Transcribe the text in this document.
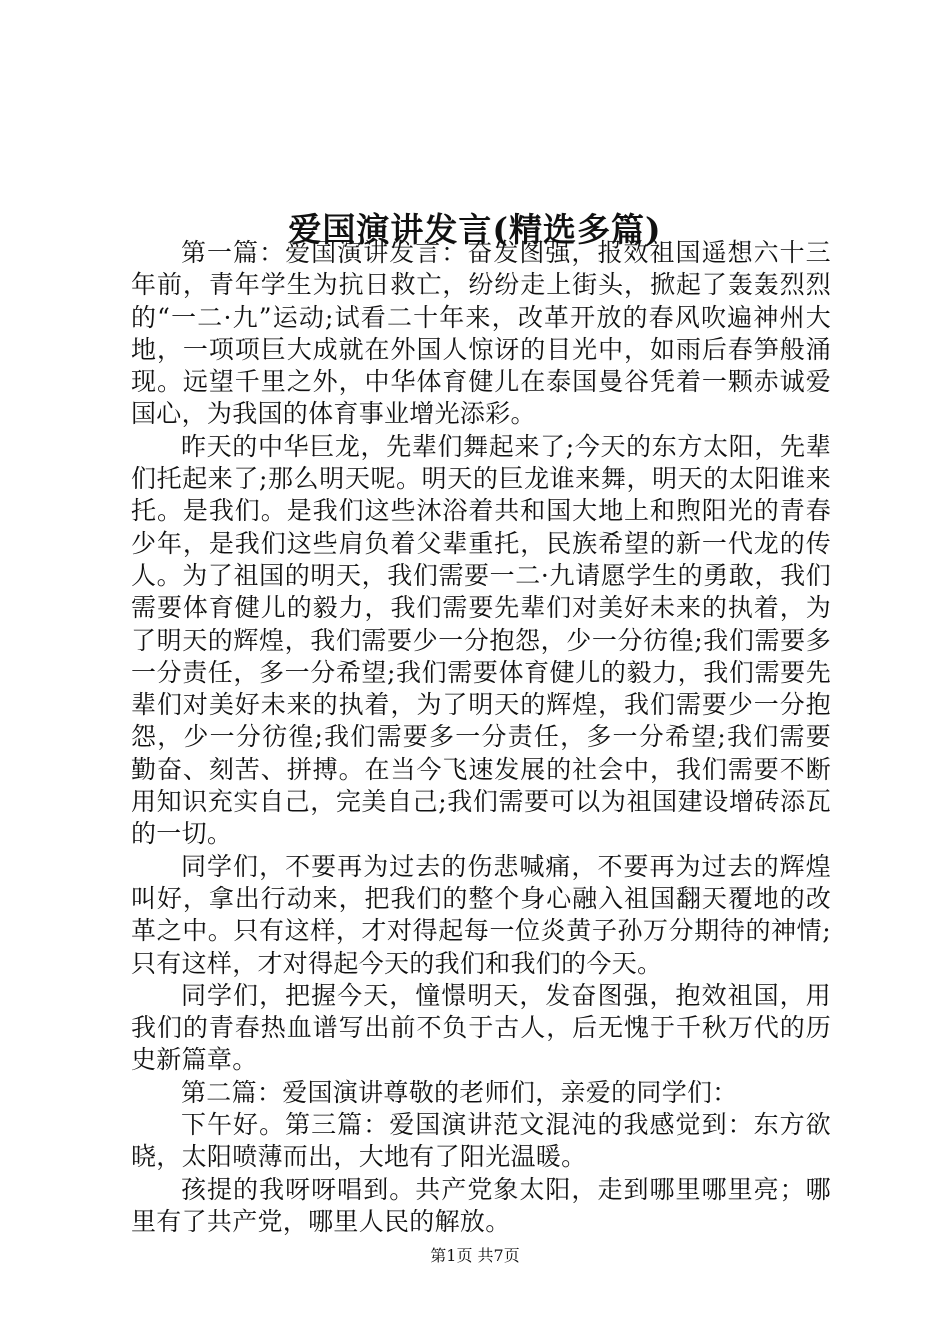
爱国演讲发言(精选多篇)

第一篇：爱国演讲发言：奋发图强，报效祖国遥想六十三年前，青年学生为抗日救亡，纷纷走上街头，掀起了轰轰烈烈的“一二·九”运动;试看二十年来，改革开放的春风吹遍神州大地，一项项巨大成就在外国人惊讶的目光中，如雨后春笋般涌现。远望千里之外，中华体育健儿在泰国曼谷凭着一颗赤诚爱国心，为我国的体育事业增光添彩。

昨天的中华巨龙，先辈们舞起来了;今天的东方太阳，先辈们托起来了;那么明天呢。明天的巨龙谁来舞，明天的太阳谁来托。是我们。是我们这些沐浴着共和国大地上和煦阳光的青春少年，是我们这些肩负着父辈重托，民族希望的新一代龙的传人。为了祖国的明天，我们需要一二·九请愿学生的勇敢，我们需要体育健儿的毅力，我们需要先辈们对美好未来的执着，为了明天的辉煌，我们需要少一分抱怨，少一分彷徨;我们需要多一分责任，多一分希望;我们需要体育健儿的毅力，我们需要先辈们对美好未来的执着，为了明天的辉煌，我们需要少一分抱怨，少一分彷徨;我们需要多一分责任，多一分希望;我们需要勤奋、刻苦、拼搏。在当今飞速发展的社会中，我们需要不断用知识充实自己，完美自己;我们需要可以为祖国建设增砖添瓦的一切。

同学们，不要再为过去的伤悲喊痛，不要再为过去的辉煌叫好，拿出行动来，把我们的整个身心融入祖国翻天覆地的改革之中。只有这样，才对得起每一位炎黄子孙万分期待的神情;只有这样，才对得起今天的我们和我们的今天。

同学们，把握今天，憧憬明天，发奋图强，抱效祖国，用我们的青春热血谱写出前不负于古人，后无愧于千秋万代的历史新篇章。

第二篇：爱国演讲尊敬的老师们，亲爱的同学们：

下午好。第三篇：爱国演讲范文混沌的我感觉到：东方欲晓，太阳喷薄而出，大地有了阳光温暖。

孩提的我呀呀唱到。共产党象太阳，走到哪里哪里亮；哪里有了共产党，哪里人民的解放。

第1页 共7页
